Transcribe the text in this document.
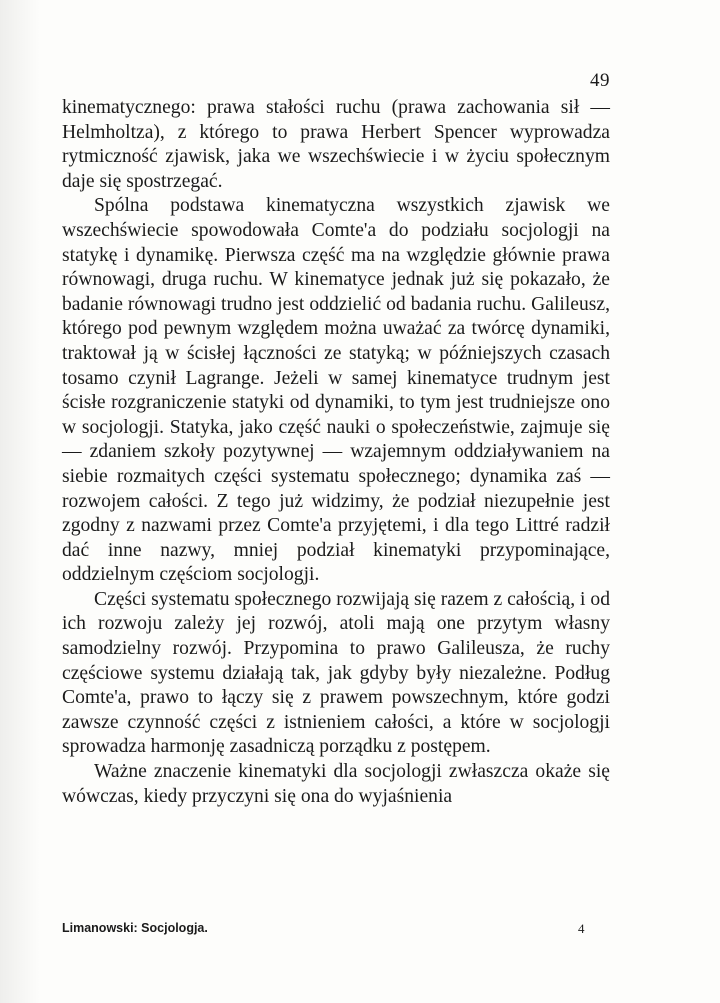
49

kinematycznego: prawa stałości ruchu (prawa zachowania sił — Helmholtza), z którego to prawa Herbert Spencer wyprowadza rytmiczność zjawisk, jaka we wszechświecie i w życiu społecznym daje się spostrzegać.

Spólna podstawa kinematyczna wszystkich zjawisk we wszechświecie spowodowała Comte'a do podziału socjologji na statykę i dynamikę. Pierwsza część ma na względzie głównie prawa równowagi, druga ruchu. W kinematyce jednak już się pokazało, że badanie równowagi trudno jest oddzielić od badania ruchu. Galileusz, którego pod pewnym względem można uważać za twórcę dynamiki, traktował ją w ścisłej łączności ze statyką; w późniejszych czasach tosamo czynił Lagrange. Jeżeli w samej kinematyce trudnym jest ścisłe rozgraniczenie statyki od dynamiki, to tym jest trudniejsze ono w socjologji. Statyka, jako część nauki o społeczeństwie, zajmuje się — zdaniem szkoły pozytywnej — wzajemnym oddziaływaniem na siebie rozmaitych części systematu społecznego; dynamika zaś — rozwojem całości. Z tego już widzimy, że podział niezupełnie jest zgodny z nazwami przez Comte'a przyjętemi, i dla tego Littré radził dać inne nazwy, mniej podział kinematyki przypominające, oddzielnym częściom socjologji.

Części systematu społecznego rozwijają się razem z całością, i od ich rozwoju zależy jej rozwój, atoli mają one przytym własny samodzielny rozwój. Przypomina to prawo Galileusza, że ruchy częściowe systemu działają tak, jak gdyby były niezależne. Podług Comte'a, prawo to łączy się z prawem powszechnym, które godzi zawsze czynność części z istnieniem całości, a które w socjologji sprowadza harmonję zasadniczą porządku z postępem.

Ważne znaczenie kinematyki dla socjologji zwłaszcza okaże się wówczas, kiedy przyczyni się ona do wyjaśnienia

Limanowski: Socjologja.	4
